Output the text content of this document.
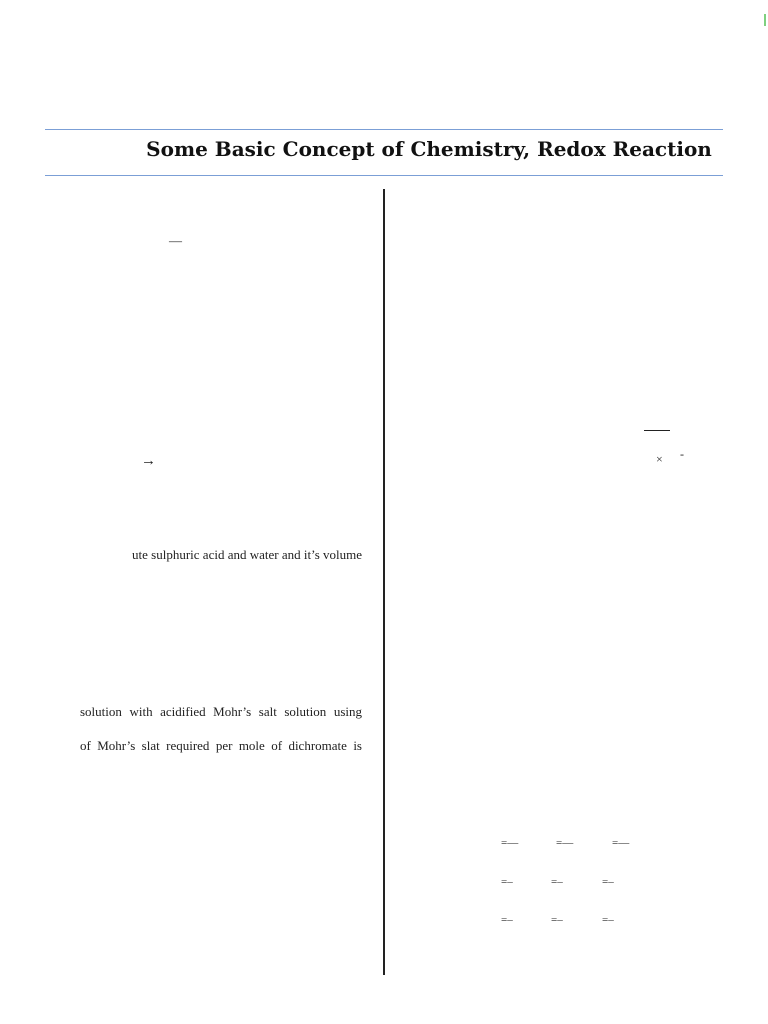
Some Basic Concept of Chemistry, Redox Reaction
—
→
ute sulphuric acid and water and it’s volume
solution with acidified Mohr’s salt solution using
of Mohr’s slat required per mole of dichromate is
× -
=—	=—	=—
=–	=–	=–
=–	=–	=–
